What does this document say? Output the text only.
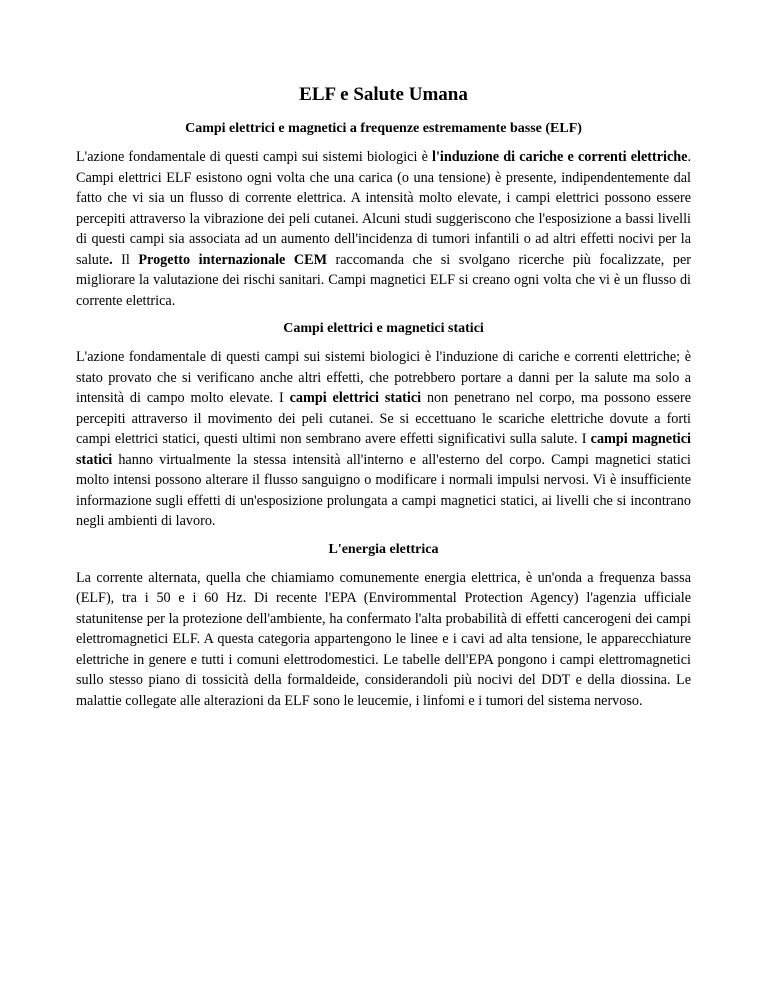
ELF e Salute Umana
Campi elettrici e magnetici a frequenze estremamente basse (ELF)

L'azione fondamentale di questi campi sui sistemi biologici è l'induzione di cariche e correnti elettriche. Campi elettrici ELF esistono ogni volta che una carica (o una tensione) è presente, indipendentemente dal fatto che vi sia un flusso di corrente elettrica. A intensità molto elevate, i campi elettrici possono essere percepiti attraverso la vibrazione dei peli cutanei. Alcuni studi suggeriscono che l'esposizione a bassi livelli di questi campi sia associata ad un aumento dell'incidenza di tumori infantili o ad altri effetti nocivi per la salute. Il Progetto internazionale CEM raccomanda che si svolgano ricerche più focalizzate, per migliorare la valutazione dei rischi sanitari. Campi magnetici ELF si creano ogni volta che vi è un flusso di corrente elettrica.

Campi elettrici e magnetici statici

L'azione fondamentale di questi campi sui sistemi biologici è l'induzione di cariche e correnti elettriche; è stato provato che si verificano anche altri effetti, che potrebbero portare a danni per la salute ma solo a intensità di campo molto elevate. I campi elettrici statici non penetrano nel corpo, ma possono essere percepiti attraverso il movimento dei peli cutanei. Se si eccettuano le scariche elettriche dovute a forti campi elettrici statici, questi ultimi non sembrano avere effetti significativi sulla salute. I campi magnetici statici hanno virtualmente la stessa intensità all'interno e all'esterno del corpo. Campi magnetici statici molto intensi possono alterare il flusso sanguigno o modificare i normali impulsi nervosi. Vi è insufficiente informazione sugli effetti di un'esposizione prolungata a campi magnetici statici, ai livelli che si incontrano negli ambienti di lavoro.

L'energia elettrica

La corrente alternata, quella che chiamiamo comunemente energia elettrica, è un'onda a frequenza bassa (ELF), tra i 50 e i 60 Hz. Di recente l'EPA (Envirommental Protection Agency) l'agenzia ufficiale statunitense per la protezione dell'ambiente, ha confermato l'alta probabilità di effetti cancerogeni dei campi elettromagnetici ELF. A questa categoria appartengono le linee e i cavi ad alta tensione, le apparecchiature elettriche in genere e tutti i comuni elettrodomestici. Le tabelle dell'EPA pongono i campi elettromagnetici sullo stesso piano di tossicità della formaldeide, considerandoli più nocivi del DDT e della diossina. Le malattie collegate alle alterazioni da ELF sono le leucemie, i linfomi e i tumori del sistema nervoso.
